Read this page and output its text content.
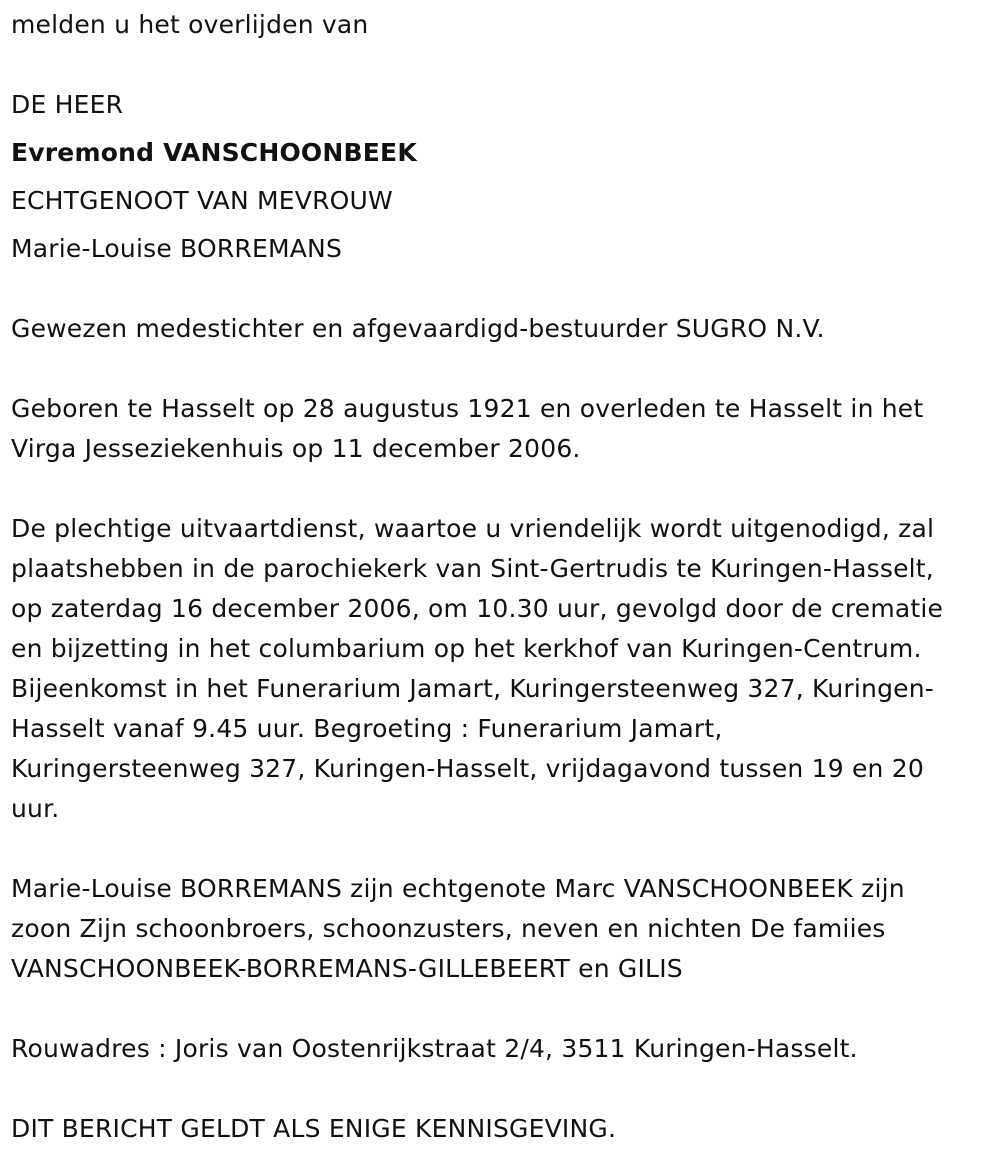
melden u het overlijden van

DE HEER

Evremond VANSCHOONBEEK

ECHTGENOOT VAN MEVROUW

Marie-Louise BORREMANS

Gewezen medestichter en afgevaardigd-bestuurder SUGRO N.V.

Geboren te Hasselt op 28 augustus 1921 en overleden te Hasselt in het
Virga Jesseziekenhuis op 11 december 2006.
De plechtige uitvaartdienst, waartoe u vriendelijk wordt uitgenodigd, zal
plaatshebben in de parochiekerk van Sint-Gertrudis te Kuringen-Hasselt,
op zaterdag 16 december 2006, om 10.30 uur, gevolgd door de crematie
en bijzetting in het columbarium op het kerkhof van Kuringen-Centrum.
Bijeenkomst in het Funerarium Jamart, Kuringersteenweg 327, Kuringen-
Hasselt vanaf 9.45 uur. Begroeting : Funerarium Jamart,
Kuringersteenweg 327, Kuringen-Hasselt, vrijdagavond tussen 19 en 20
uur.
Marie-Louise BORREMANS zijn echtgenote Marc VANSCHOONBEEK zijn
zoon Zijn schoonbroers, schoonzusters, neven en nichten De famiies
VANSCHOONBEEK-BORREMANS-GILLEBEERT en GILIS

Rouwadres : Joris van Oostenrijkstraat 2/4, 3511 Kuringen-Hasselt.

DIT BERICHT GELDT ALS ENIGE KENNISGEVING.
